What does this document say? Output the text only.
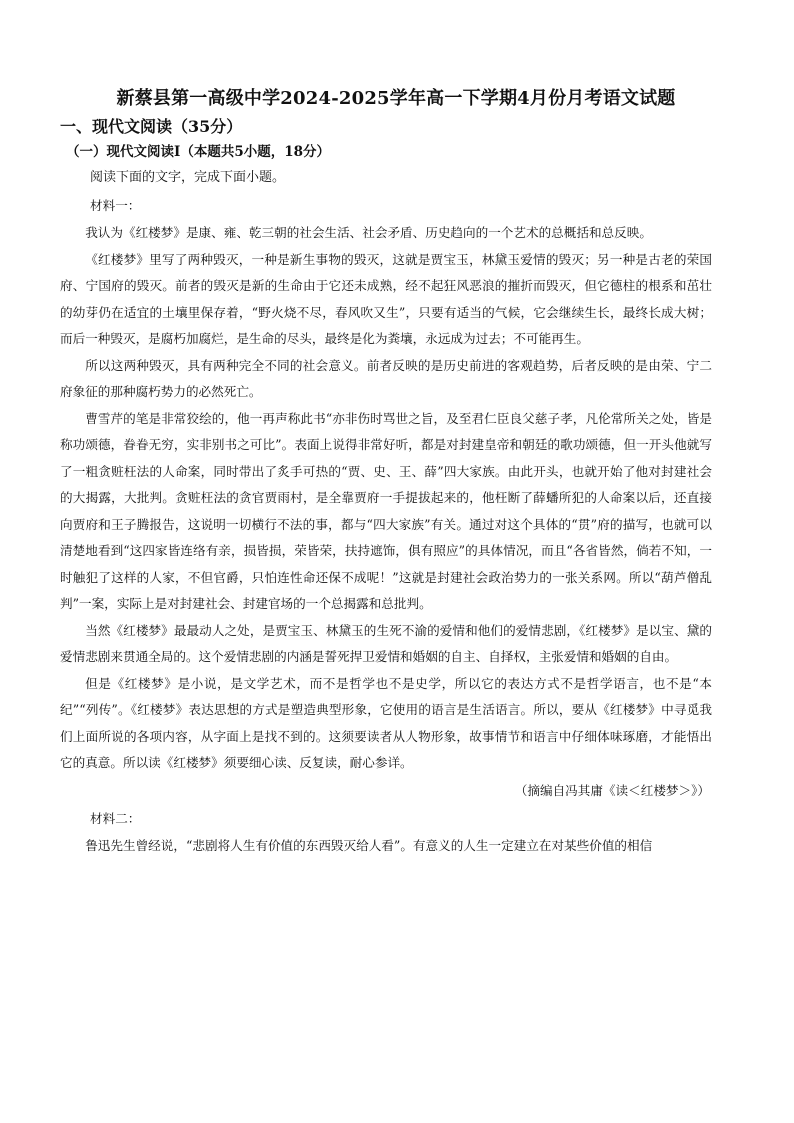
新蔡县第一高级中学2024-2025学年高一下学期4月份月考语文试题
一、现代文阅读（35分）
（一）现代文阅读Ⅰ（本题共5小题，18分）

阅读下面的文字，完成下面小题。

材料一：

我认为《红楼梦》是康、雍、乾三朝的社会生活、社会矛盾、历史趋向的一个艺术的总概括和总反映。

《红楼梦》里写了两种毁灭，一种是新生事物的毁灭，这就是贾宝玉，林黛玉爱情的毁灭；另一种是古老的荣国府、宁国府的毁灭。前者的毁灭是新的生命由于它还未成熟，经不起狂风恶浪的摧折而毁灭，但它德柱的根系和茁壮的幼芽仍在适宜的土壤里保存着，“野火烧不尽，春风吹又生”，只要有适当的气候，它会继续生长，最终长成大树；而后一种毁灭，是腐朽加腐烂，是生命的尽头，最终是化为粪壤，永远成为过去；不可能再生。

所以这两种毁灭，具有两种完全不同的社会意义。前者反映的是历史前进的客观趋势，后者反映的是由荣、宁二府象征的那种腐朽势力的必然死亡。

曹雪芹的笔是非常狡绘的，他一再声称此书“亦非伤时骂世之旨，及至君仁臣良父慈子孝，凡伦常所关之处，皆是称功颂德，眷眷无穷，实非别书之可比”。表面上说得非常好听，都是对封建皇帝和朝廷的歌功颂德，但一开头他就写了一粗贪赃枉法的人命案，同时带出了炙手可热的“贾、史、王、薛”四大家族。由此开头，也就开始了他对封建社会的大揭露，大批判。贪赃枉法的贪官贾雨村，是全靠贾府一手提拔起来的，他枉断了薛蟠所犯的人命案以后，还直接向贾府和王子腾报告，这说明一切横行不法的事，都与“四大家族”有关。通过对这个具体的“贯”府的描写，也就可以清楚地看到“这四家皆连络有亲，损皆损，荣皆荣，扶持遮饰，俱有照应”的具体情况，而且“各省皆然，倘若不知，一时触犯了这样的人家，不但官爵，只怕连性命还保不成呢！”这就是封建社会政治势力的一张关系网。所以“葫芦僧乱判”一案，实际上是对封建社会、封建官场的一个总揭露和总批判。

当然《红楼梦》最最动人之处，是贾宝玉、林黛玉的生死不渝的爱情和他们的爱情悲剧，《红楼梦》是以宝、黛的爱情悲剧来贯通全局的。这个爱情悲剧的内涵是誓死捍卫爱情和婚姻的自主、自择权，主张爱情和婚姻的自由。

但是《红楼梦》是小说，是文学艺术，而不是哲学也不是史学，所以它的表达方式不是哲学语言，也不是“本纪”“列传”。《红楼梦》表达思想的方式是塑造典型形象，它使用的语言是生活语言。所以，要从《红楼梦》中寻觅我们上面所说的各项内容，从字面上是找不到的。这须要读者从人物形象，故事情节和语言中仔细体味琢磨，才能悟出它的真意。所以读《红楼梦》须要细心读、反复读，耐心参详。

（摘编自冯其庸《读＜红楼梦＞》）

材料二：

鲁迅先生曾经说，“悲剧将人生有价值的东西毁灭给人看”。有意义的人生一定建立在对某些价值的相信
